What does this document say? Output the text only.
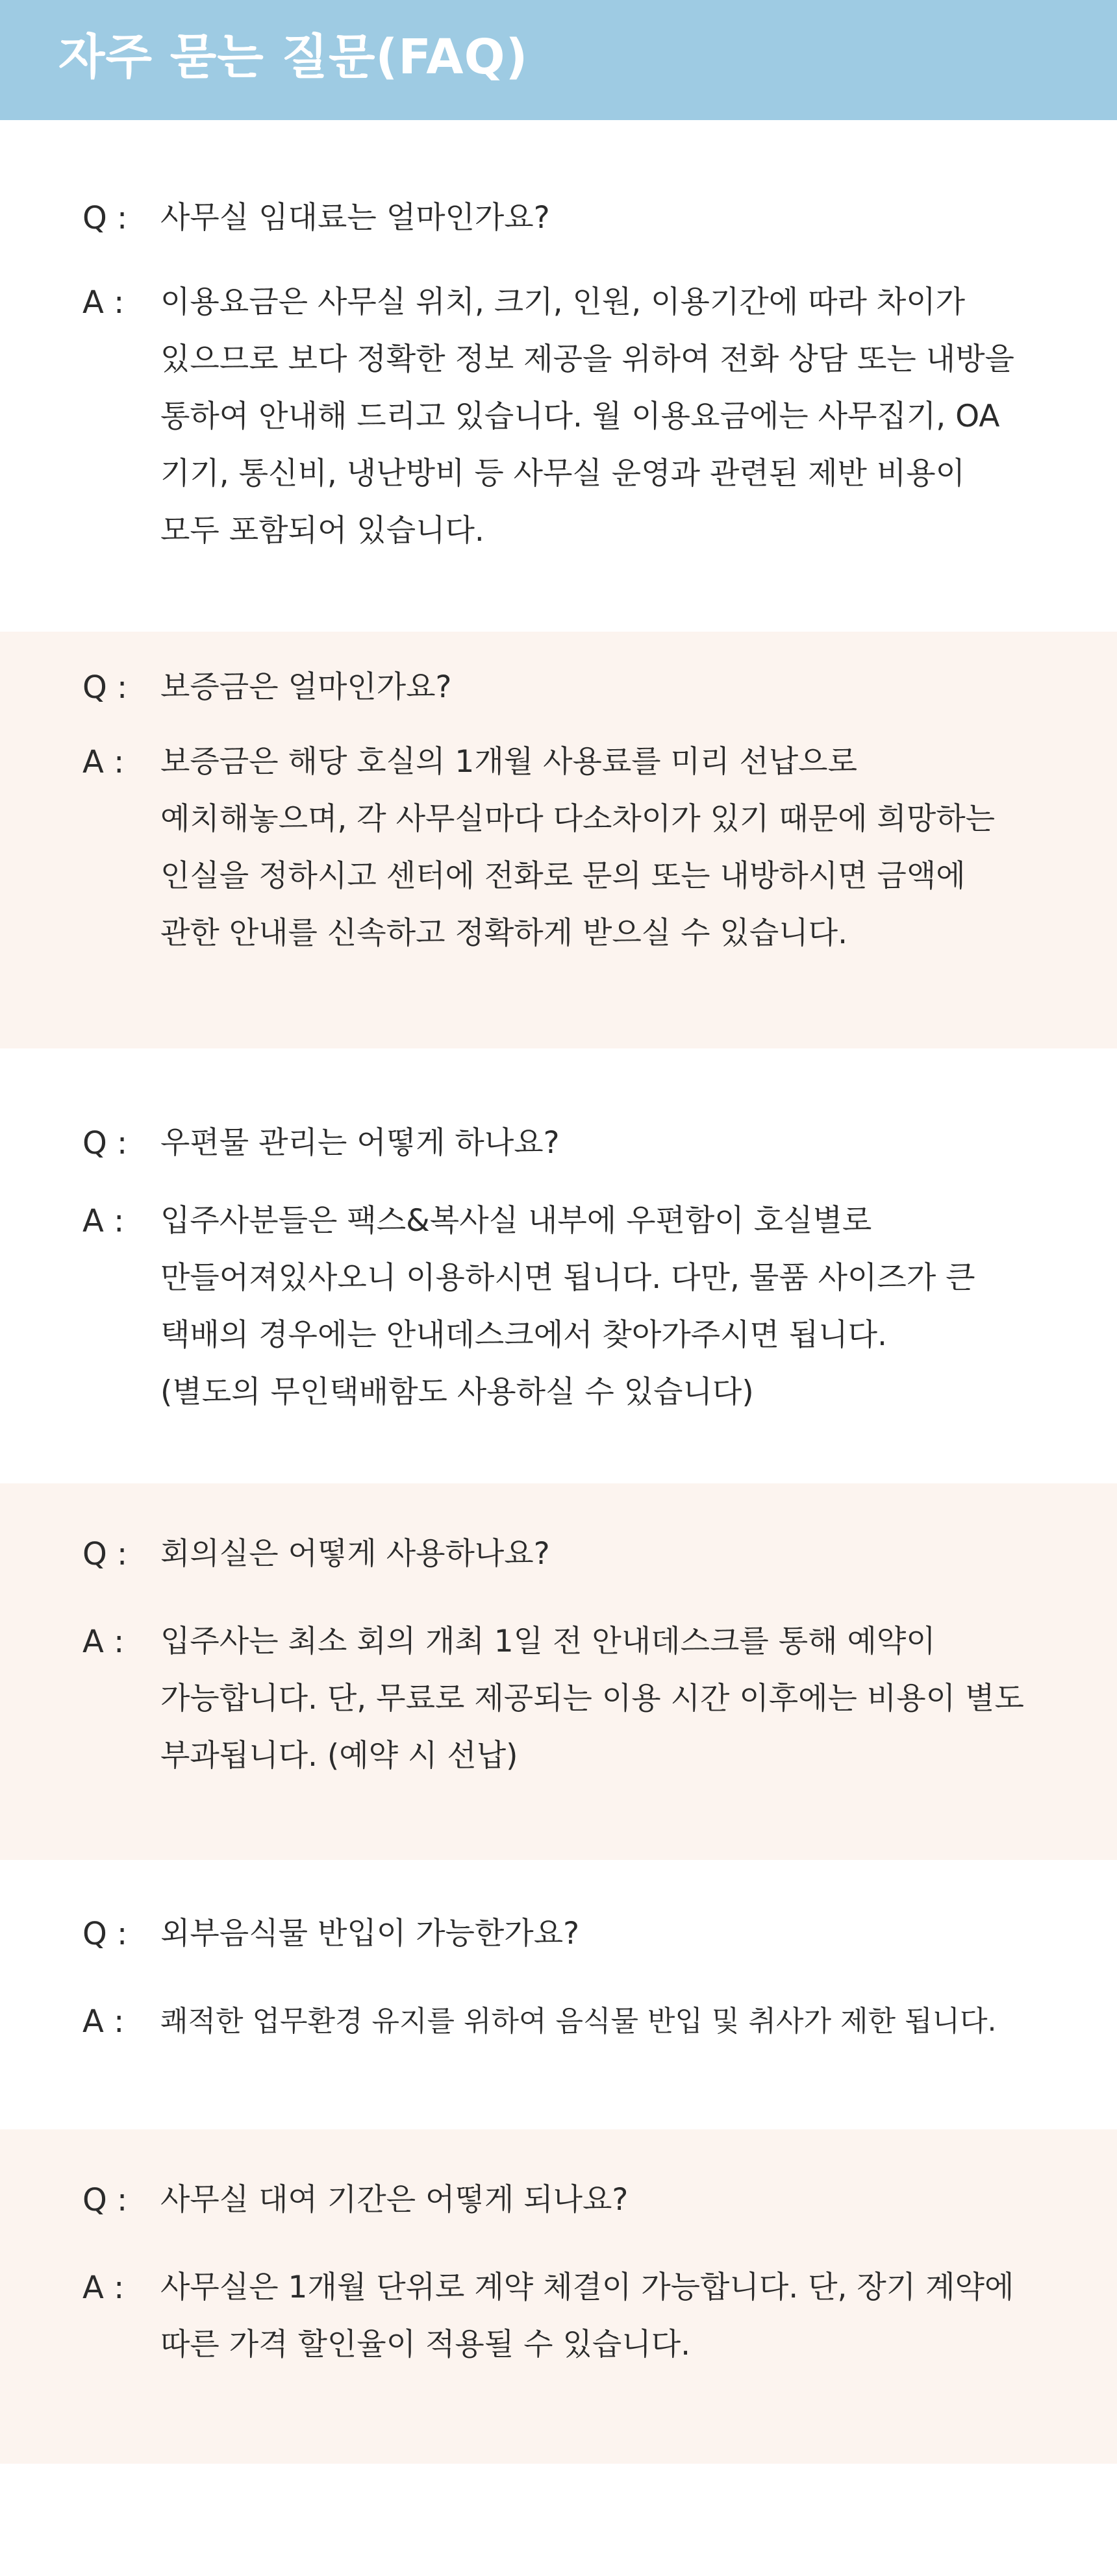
자주 묻는 질문(FAQ)
Q : 사무실 임대료는 얼마인가요?
A : 이용요금은 사무실 위치, 크기, 인원, 이용기간에 따라 차이가
있으므로 보다 정확한 정보 제공을 위하여 전화 상담 또는 내방을
통하여 안내해 드리고 있습니다. 월 이용요금에는 사무집기, OA
기기, 통신비, 냉난방비 등 사무실 운영과 관련된 제반 비용이
모두 포함되어 있습니다.
Q : 보증금은 얼마인가요?
A : 보증금은 해당 호실의 1개월 사용료를 미리 선납으로
예치해놓으며, 각 사무실마다 다소차이가 있기 때문에 희망하는
인실을 정하시고 센터에 전화로 문의 또는 내방하시면 금액에
관한 안내를 신속하고 정확하게 받으실 수 있습니다.
Q : 우편물 관리는 어떻게 하나요?
A : 입주사분들은 팩스&복사실 내부에 우편함이 호실별로
만들어져있사오니 이용하시면 됩니다. 다만, 물품 사이즈가 큰
택배의 경우에는 안내데스크에서 찾아가주시면 됩니다.
(별도의 무인택배함도 사용하실 수 있습니다)
Q : 회의실은 어떻게 사용하나요?
A : 입주사는 최소 회의 개최 1일 전 안내데스크를 통해 예약이
가능합니다. 단, 무료로 제공되는 이용 시간 이후에는 비용이 별도
부과됩니다. (예약 시 선납)
Q : 외부음식물 반입이 가능한가요?
A : 쾌적한 업무환경 유지를 위하여 음식물 반입 및 취사가 제한 됩니다.
Q : 사무실 대여 기간은 어떻게 되나요?
A : 사무실은 1개월 단위로 계약 체결이 가능합니다. 단, 장기 계약에
따른 가격 할인율이 적용될 수 있습니다.
